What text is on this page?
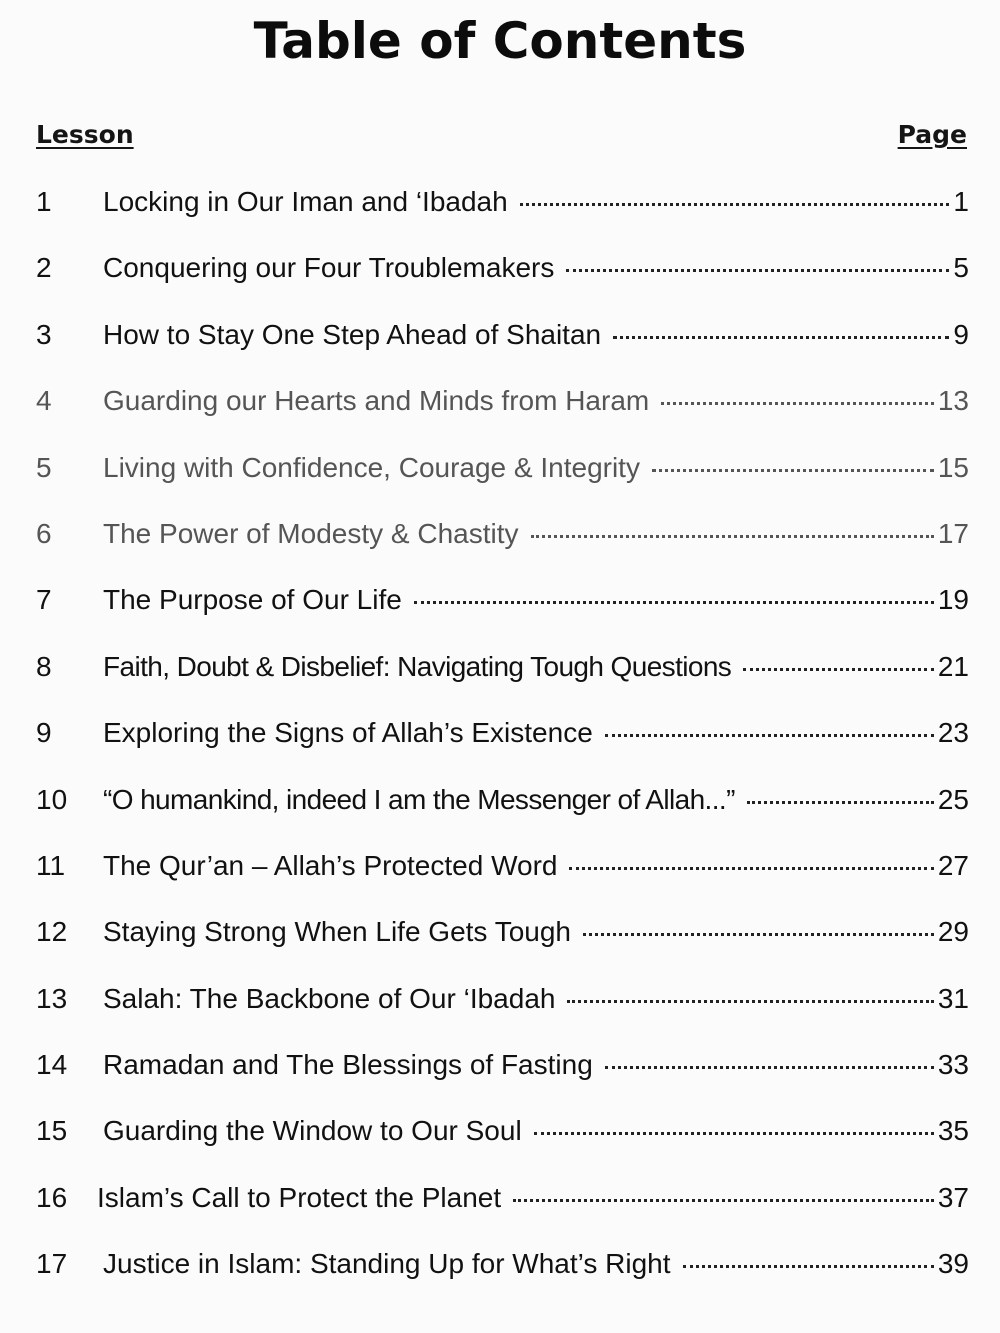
Table of Contents
Lesson	Page
1 Locking in Our Iman and ‘Ibadah	1
2 Conquering our Four Troublemakers	5
3 How to Stay One Step Ahead of Shaitan	9
4 Guarding our Hearts and Minds from Haram	13
5 Living with Confidence, Courage & Integrity	15
6 The Power of Modesty & Chastity	17
7 The Purpose of Our Life	19
8 Faith, Doubt & Disbelief: Navigating Tough Questions	21
9 Exploring the Signs of Allah’s Existence	23
10 “O humankind, indeed I am the Messenger of Allah...”	25
11 The Qur’an – Allah’s Protected Word	27
12 Staying Strong When Life Gets Tough	29
13 Salah: The Backbone of Our ‘Ibadah	31
14 Ramadan and The Blessings of Fasting	33
15 Guarding the Window to Our Soul	35
16 Islam’s Call to Protect the Planet	37
17 Justice in Islam: Standing Up for What’s Right	39
